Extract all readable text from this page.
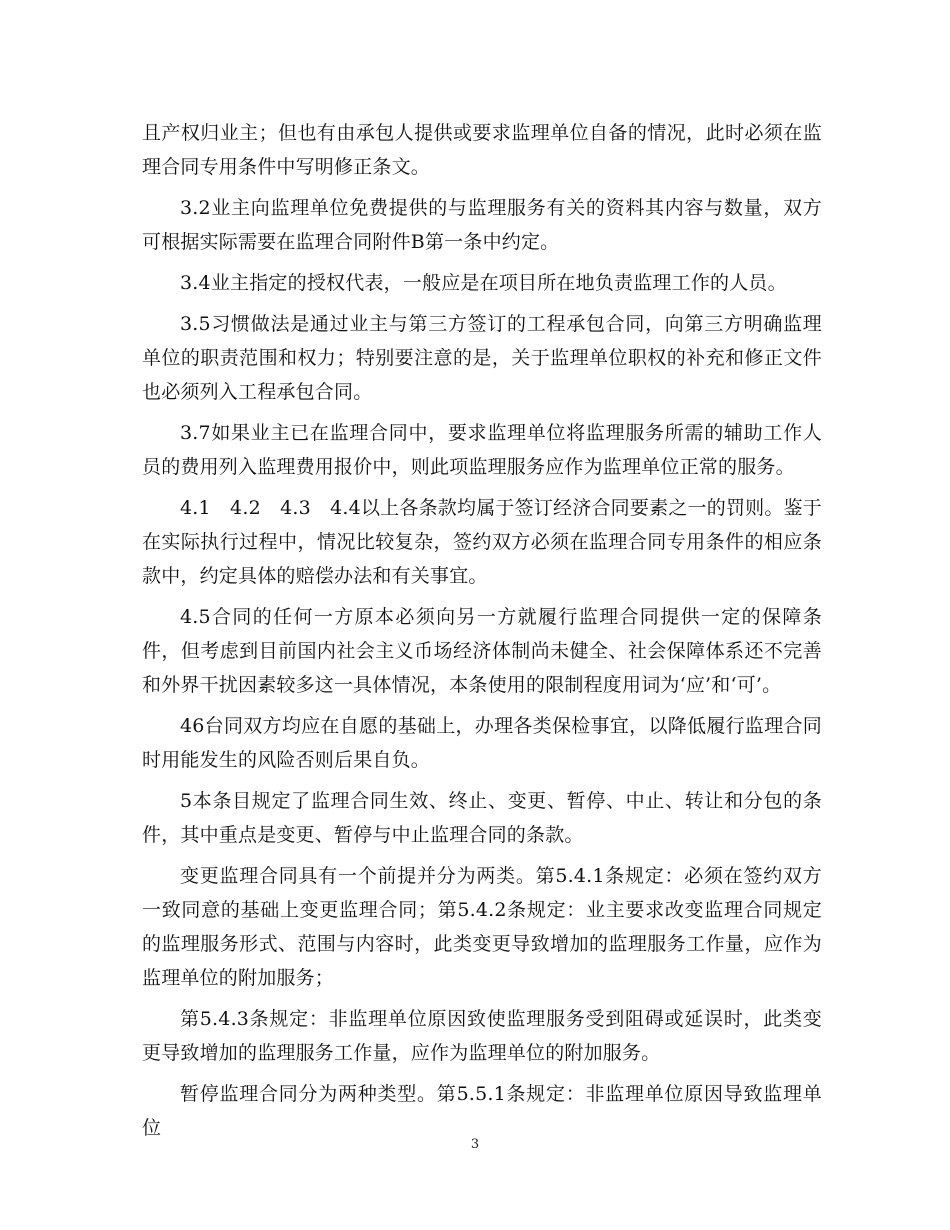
且产权归业主；但也有由承包人提供或要求监理单位自备的情况，此时必须在监理合同专用条件中写明修正条文。

3.2业主向监理单位免费提供的与监理服务有关的资料其内容与数量，双方可根据实际需要在监理合同附件B第一条中约定。

3.4业主指定的授权代表，一般应是在项目所在地负责监理工作的人员。

3.5习惯做法是通过业主与第三方签订的工程承包合同，向第三方明确监理单位的职责范围和权力；特别要注意的是，关于监理单位职权的补充和修正文件也必须列入工程承包合同。

3.7如果业主已在监理合同中，要求监理单位将监理服务所需的辅助工作人员的费用列入监理费用报价中，则此项监理服务应作为监理单位正常的服务。

4.1　4.2　4.3　4.4以上各条款均属于签订经济合同要素之一的罚则。鉴于在实际执行过程中，情况比较复杂，签约双方必须在监理合同专用条件的相应条款中，约定具体的赔偿办法和有关事宜。

4.5合同的任何一方原本必须向另一方就履行监理合同提供一定的保障条件，但考虑到目前国内社会主义币场经济体制尚未健全、社会保障体系还不完善和外界干扰因素较多这一具体情况，本条使用的限制程度用词为‘应’和‘可’。

46台同双方均应在自愿的基础上，办理各类保检事宜，以降低履行监理合同时用能发生的风险否则后果自负。

5本条目规定了监理合同生效、终止、变更、暂停、中止、转让和分包的条件，其中重点是变更、暂停与中止监理合同的条款。

变更监理合同具有一个前提并分为两类。第5.4.1条规定：必须在签约双方一致同意的基础上变更监理合同；第5.4.2条规定：业主要求改变监理合同规定的监理服务形式、范围与内容时，此类变更导致增加的监理服务工作量，应作为监理单位的附加服务；

第5.4.3条规定：非监理单位原因致使监理服务受到阻碍或延误时，此类变更导致增加的监理服务工作量，应作为监理单位的附加服务。

暂停监理合同分为两种类型。第5.5.1条规定：非监理单位原因导致监理单位

3
